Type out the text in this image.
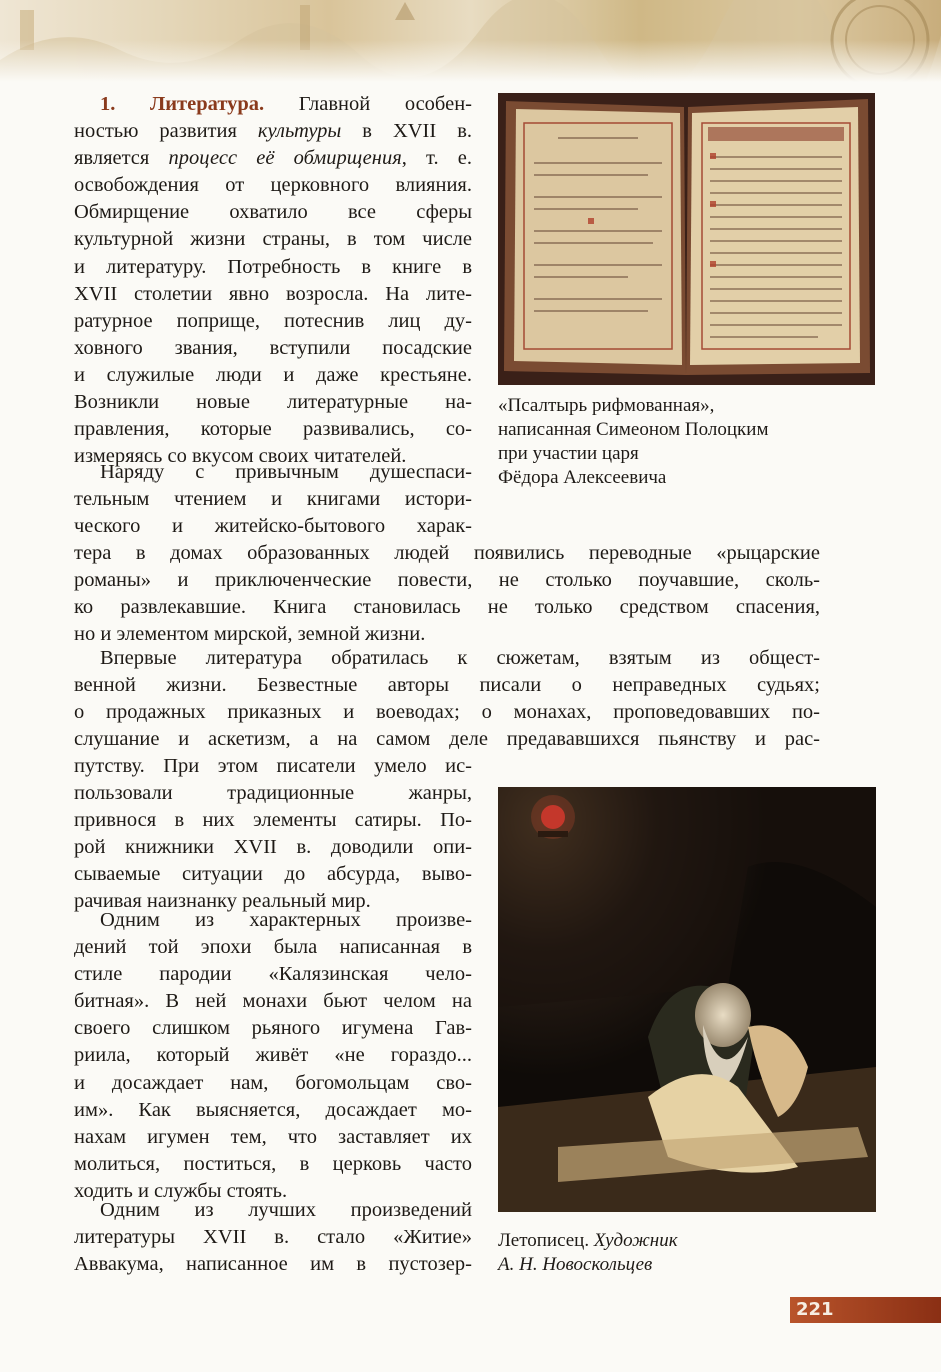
1. Литература. Главной особен-
ностью развития культуры в XVII в.
является процесс её обмирщения, т. е.
освобождения от церковного влияния.
Обмирщение охватило все сферы
культурной жизни страны, в том числе
и литературу. Потребность в книге в
XVII столетии явно возросла. На лите-
ратурное поприще, потеснив лиц ду-
ховного звания, вступили посадские
и служилые люди и даже крестьяне.
Возникли новые литературные на-
правления, которые развивались, со-
измеряясь со вкусом своих читателей.

Наряду с привычным душеспаси-
тельным чтением и книгами истори-
ческого и житейско-бытового харак-

тера в домах образованных людей появились переводные «рыцарские
романы» и приключенческие повести, не столько поучавшие, сколь-
ко развлекавшие. Книга становилась не только средством спасения,
но и элементом мирской, земной жизни.

Впервые литература обратилась к сюжетам, взятым из общест-
венной жизни. Безвестные авторы писали о неправедных судьях;
о продажных приказных и воеводах; о монахах, проповедовавших по-
слушание и аскетизм, а на самом деле предававшихся пьянству и рас-

путству. При этом писатели умело ис-
пользовали традиционные жанры,
привнося в них элементы сатиры. По-
рой книжники XVII в. доводили опи-
сываемые ситуации до абсурда, выво-
рачивая наизнанку реальный мир.

Одним из характерных произве-
дений той эпохи была написанная в
стиле пародии «Калязинская чело-
битная». В ней монахи бьют челом на
своего слишком рьяного игумена Гав-
риила, который живёт «не гораздо...
и досаждает нам, богомольцам сво-
им». Как выясняется, досаждает мо-
нахам игумен тем, что заставляет их
молиться, поститься, в церковь часто
ходить и службы стоять.

Одним из лучших произведений
литературы XVII в. стало «Житие»
Аввакума, написанное им в пустозер-

«Псалтырь рифмованная»,
написанная Симеоном Полоцким
при участии царя
Фёдора Алексеевича
Летописец. Художник
А. Н. Новоскольцев
221
